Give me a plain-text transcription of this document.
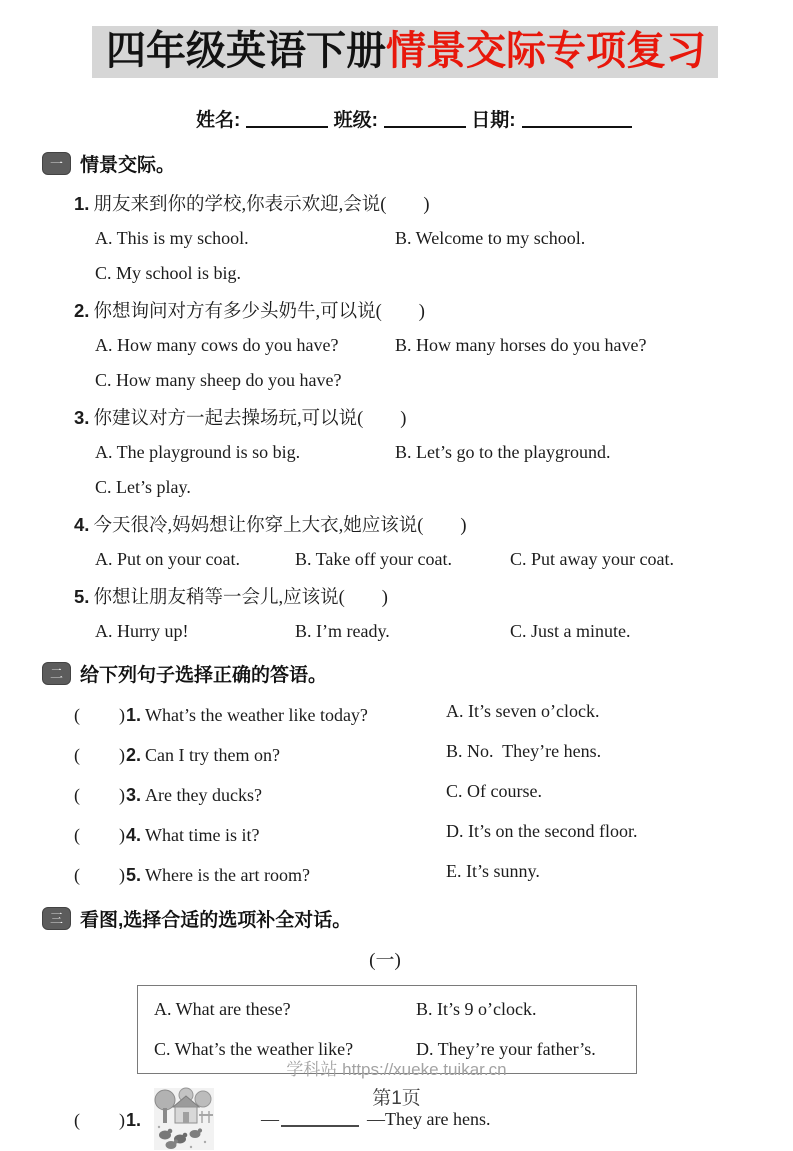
四年级英语下册情景交际专项复习
姓名:	班级:	日期:
一 情景交际。
1. 朋友来到你的学校,你表示欢迎,会说(　　)
A. This is my school.	B. Welcome to my school.
C. My school is big.
2. 你想询问对方有多少头奶牛,可以说(　　)
A. How many cows do you have?	B. How many horses do you have?
C. How many sheep do you have?
3. 你建议对方一起去操场玩,可以说(　　)
A. The playground is so big.	B. Let’s go to the playground.
C. Let’s play.
4. 今天很冷,妈妈想让你穿上大衣,她应该说(　　)
A. Put on your coat.	B. Take off your coat.	C. Put away your coat.
5. 你想让朋友稍等一会儿,应该说(　　)
A. Hurry up!	B. I’m ready.	C. Just a minute.
二 给下列句子选择正确的答语。
(　　)1. What’s the weather like today?	A. It’s seven o’clock.
(　　)2. Can I try them on?	B. No.  They’re hens.
(　　)3. Are they ducks?	C. Of course.
(　　)4. What time is it?	D. It’s on the second floor.
(　　)5. Where is the art room?	E. It’s sunny.
三 看图,选择合适的选项补全对话。
(一)
A. What are these?	B. It’s 9 o’clock.
C. What’s the weather like?	D. They’re your father’s.
(　　)1.	—	—They are hens.
学科站 https://xueke.tuikar.cn
第1页
